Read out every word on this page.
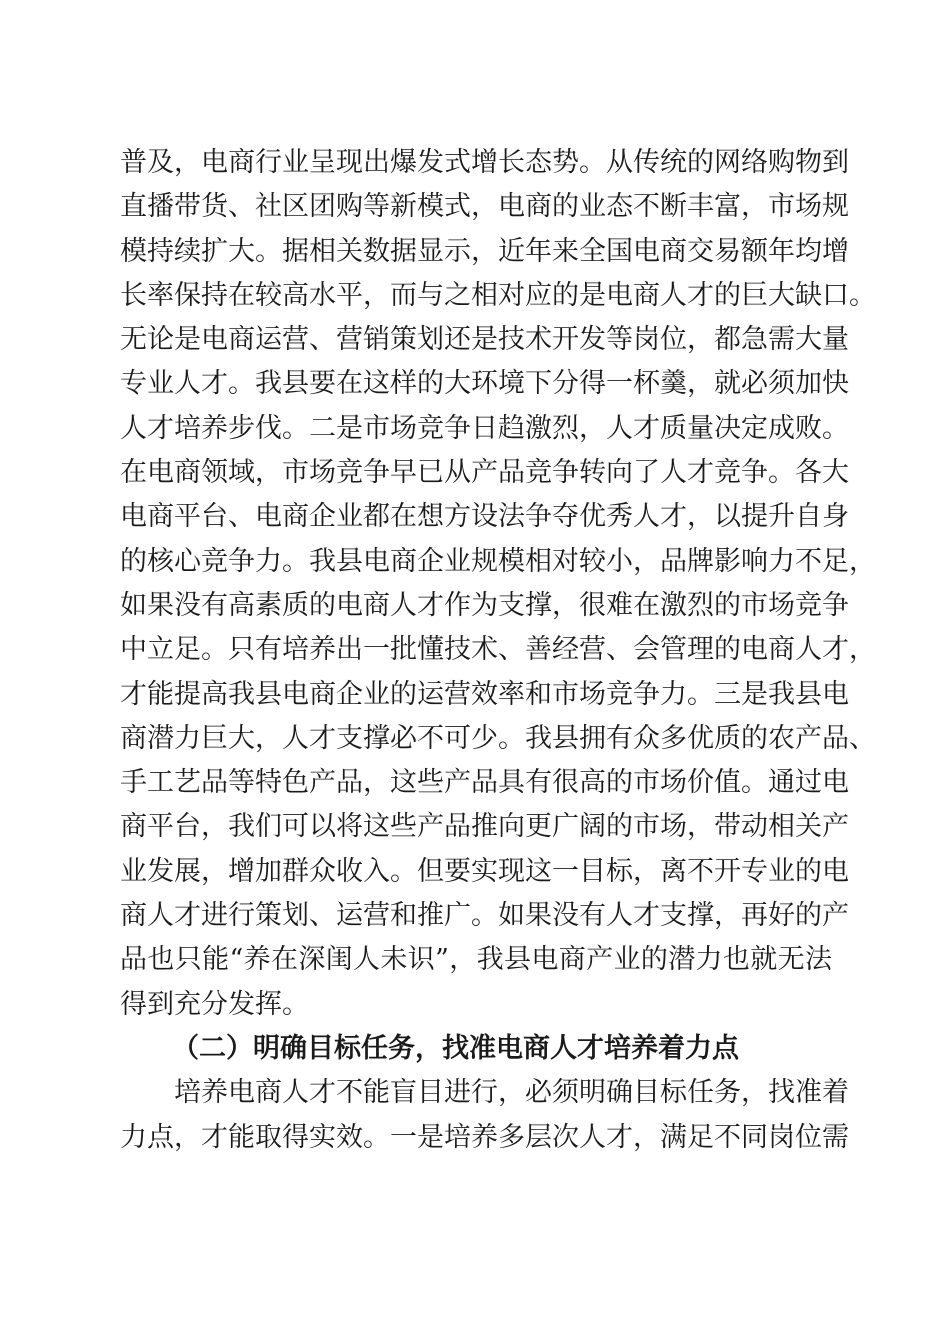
普及，电商行业呈现出爆发式增长态势。从传统的网络购物到
直播带货、社区团购等新模式，电商的业态不断丰富，市场规
模持续扩大。据相关数据显示，近年来全国电商交易额年均增
长率保持在较高水平，而与之相对应的是电商人才的巨大缺口。
无论是电商运营、营销策划还是技术开发等岗位，都急需大量
专业人才。我县要在这样的大环境下分得一杯羹，就必须加快
人才培养步伐。二是市场竞争日趋激烈，人才质量决定成败。
在电商领域，市场竞争早已从产品竞争转向了人才竞争。各大
电商平台、电商企业都在想方设法争夺优秀人才，以提升自身
的核心竞争力。我县电商企业规模相对较小，品牌影响力不足，
如果没有高素质的电商人才作为支撑，很难在激烈的市场竞争
中立足。只有培养出一批懂技术、善经营、会管理的电商人才，
才能提高我县电商企业的运营效率和市场竞争力。三是我县电
商潜力巨大，人才支撑必不可少。我县拥有众多优质的农产品、
手工艺品等特色产品，这些产品具有很高的市场价值。通过电
商平台，我们可以将这些产品推向更广阔的市场，带动相关产
业发展，增加群众收入。但要实现这一目标，离不开专业的电
商人才进行策划、运营和推广。如果没有人才支撑，再好的产
品也只能“养在深闺人未识”，我县电商产业的潜力也就无法
得到充分发挥。
（二）明确目标任务，找准电商人才培养着力点
培养电商人才不能盲目进行，必须明确目标任务，找准着
力点，才能取得实效。一是培养多层次人才，满足不同岗位需
